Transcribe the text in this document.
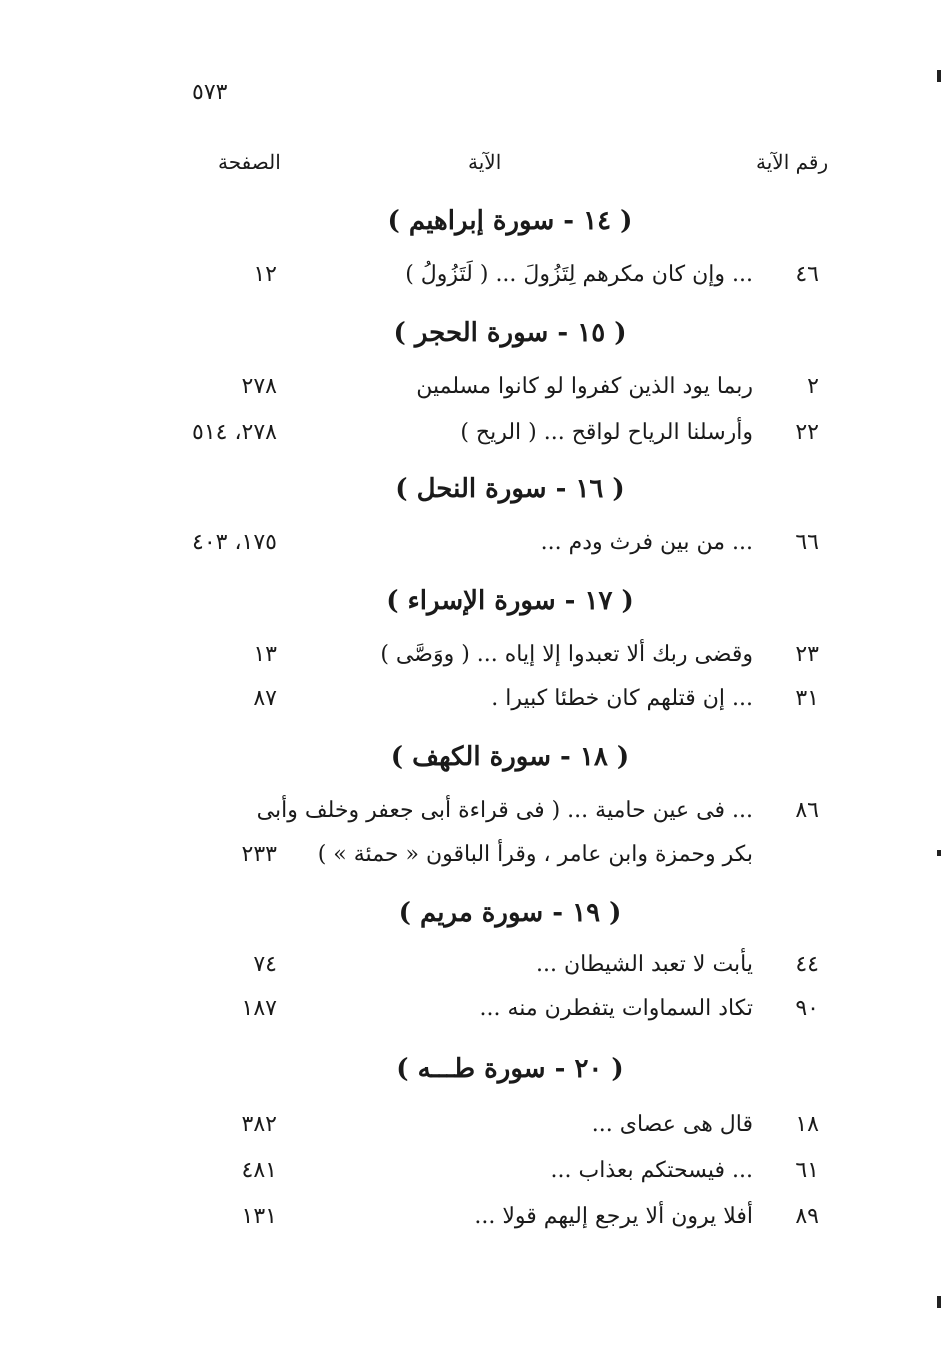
٥٧٣
رقم الآية
الآية
الصفحة
( ١٤ - سورة إبراهيم )
٤٦
... وإن كان مكرهم لِتَزُولَ ... ( لَتَزُولُ )
١٢
( ١٥ - سورة الحجر )
٢
ربما يود الذين كفروا لو كانوا مسلمين
٢٧٨
٢٢
وأرسلنا الرياح لواقح ... ( الريح )
٢٧٨، ٥١٤
( ١٦ - سورة النحل )
٦٦
... من بين فرث ودم ...
١٧٥، ٤٠٣
( ١٧ - سورة الإسراء )
٢٣
وقضى ربك ألا تعبدوا إلا إياه ... ( ووَصَّى )
١٣
٣١
... إن قتلهم كان خطئا كبيرا .
٨٧
( ١٨ - سورة الكهف )
٨٦
... فى عين حامية ... ( فى قراءة أبى جعفر وخلف وأبى
بكر وحمزة وابن عامر ، وقرأ الباقون « حمئة » )
٢٣٣
( ١٩ - سورة مريم )
٤٤
يأبت لا تعبد الشيطان ...
٧٤
٩٠
تكاد السماوات يتفطرن منه ...
١٨٧
( ٢٠ - سورة طـــه )
١٨
قال هى عصاى ...
٣٨٢
٦١
... فيسحتكم بعذاب ...
٤٨١
٨٩
أفلا يرون ألا يرجع إليهم قولا ...
١٣١
